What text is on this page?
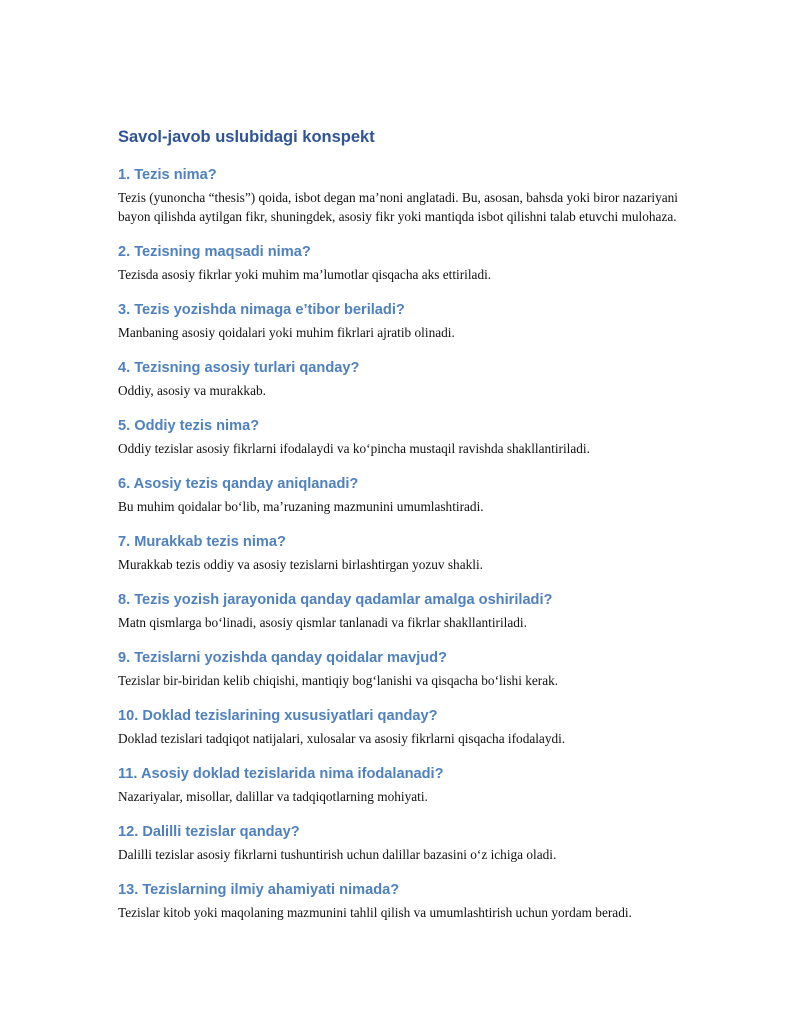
Savol-javob uslubidagi konspekt
1. Tezis nima?

Tezis (yunoncha “thesis”) qoida, isbot degan ma’noni anglatadi. Bu, asosan, bahsda yoki biror nazariyani bayon qilishda aytilgan fikr, shuningdek, asosiy fikr yoki mantiqda isbot qilishni talab etuvchi mulohaza.

2. Tezisning maqsadi nima?

Tezisda asosiy fikrlar yoki muhim ma’lumotlar qisqacha aks ettiriladi.

3. Tezis yozishda nimaga e’tibor beriladi?

Manbaning asosiy qoidalari yoki muhim fikrlari ajratib olinadi.

4. Tezisning asosiy turlari qanday?

Oddiy, asosiy va murakkab.

5. Oddiy tezis nima?

Oddiy tezislar asosiy fikrlarni ifodalaydi va ko‘pincha mustaqil ravishda shakllantiriladi.

6. Asosiy tezis qanday aniqlanadi?

Bu muhim qoidalar bo‘lib, ma’ruzaning mazmunini umumlashtiradi.

7. Murakkab tezis nima?

Murakkab tezis oddiy va asosiy tezislarni birlashtirgan yozuv shakli.

8. Tezis yozish jarayonida qanday qadamlar amalga oshiriladi?

Matn qismlarga bo‘linadi, asosiy qismlar tanlanadi va fikrlar shakllantiriladi.

9. Tezislarni yozishda qanday qoidalar mavjud?

Tezislar bir-biridan kelib chiqishi, mantiqiy bog‘lanishi va qisqacha bo‘lishi kerak.

10. Doklad tezislarining xususiyatlari qanday?

Doklad tezislari tadqiqot natijalari, xulosalar va asosiy fikrlarni qisqacha ifodalaydi.

11. Asosiy doklad tezislarida nima ifodalanadi?

Nazariyalar, misollar, dalillar va tadqiqotlarning mohiyati.

12. Dalilli tezislar qanday?

Dalilli tezislar asosiy fikrlarni tushuntirish uchun dalillar bazasini o‘z ichiga oladi.

13. Tezislarning ilmiy ahamiyati nimada?

Tezislar kitob yoki maqolaning mazmunini tahlil qilish va umumlashtirish uchun yordam beradi.
